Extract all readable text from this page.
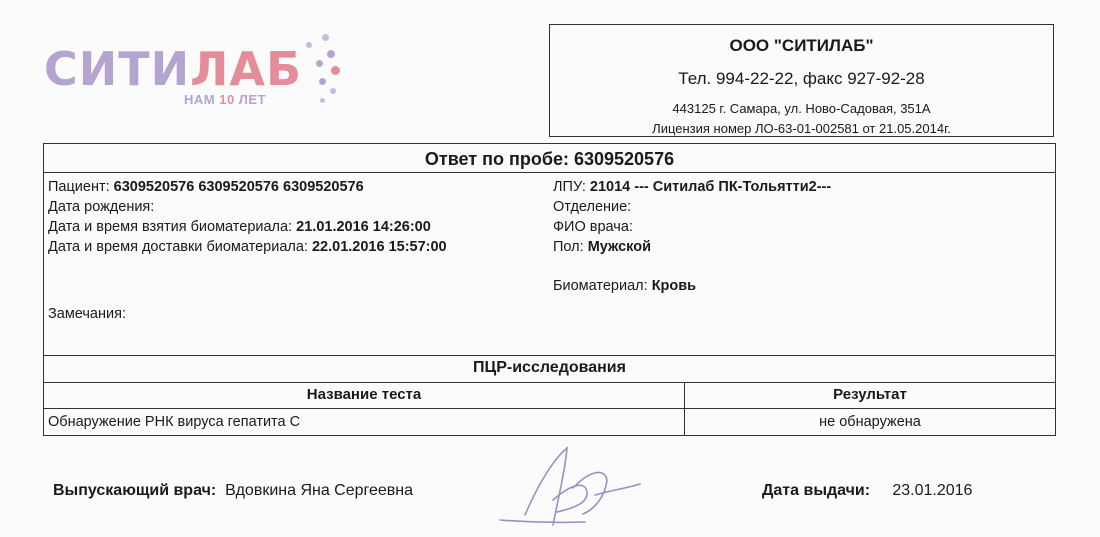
СИТИЛАБ
НАМ 10 ЛЕТ
ООО "СИТИЛАБ"
Тел. 994-22-22, факс 927-92-28
443125 г. Самара, ул. Ново-Садовая, 351А
Лицензия номер ЛО-63-01-002581 от 21.05.2014г.
Ответ по пробе: 6309520576
Пациент: 6309520576 6309520576 6309520576
Дата рождения:
Дата и время взятия биоматериала: 21.01.2016 14:26:00
Дата и время доставки биоматериала: 22.01.2016 15:57:00
Замечания:
ЛПУ: 21014 --- Ситилаб ПК-Тольятти2---
Отделение:
ФИО врача:
Пол: Мужской
Биоматериал: Кровь
ПЦР-исследования
Название теста	Результат
Обнаружение РНК вируса гепатита С	не обнаружена
Выпускающий врач: Вдовкина Яна Сергеевна	Дата выдачи: 23.01.2016
